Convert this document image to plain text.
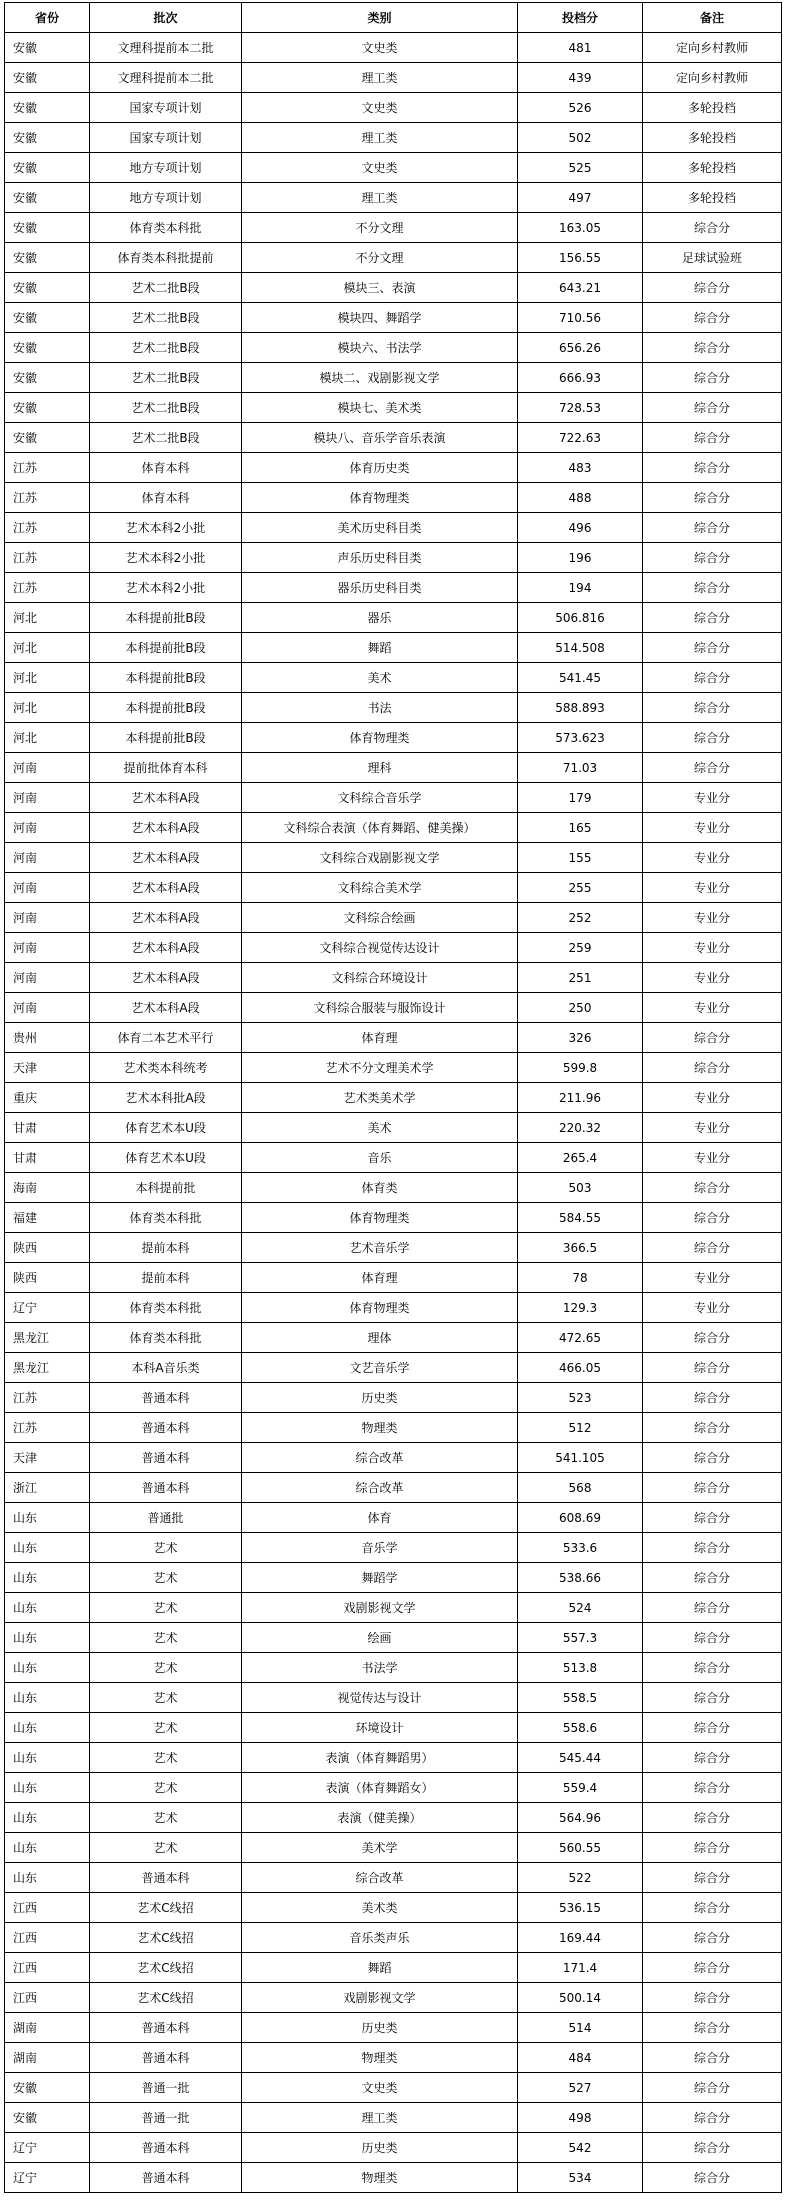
省份	批次	类别	投档分	备注
安徽	文理科提前本二批	文史类	481	定向乡村教师
安徽	文理科提前本二批	理工类	439	定向乡村教师
安徽	国家专项计划	文史类	526	多轮投档
安徽	国家专项计划	理工类	502	多轮投档
安徽	地方专项计划	文史类	525	多轮投档
安徽	地方专项计划	理工类	497	多轮投档
安徽	体育类本科批	不分文理	163.05	综合分
安徽	体育类本科批提前	不分文理	156.55	足球试验班
安徽	艺术二批B段	模块三、表演	643.21	综合分
安徽	艺术二批B段	模块四、舞蹈学	710.56	综合分
安徽	艺术二批B段	模块六、书法学	656.26	综合分
安徽	艺术二批B段	模块二、戏剧影视文学	666.93	综合分
安徽	艺术二批B段	模块七、美术类	728.53	综合分
安徽	艺术二批B段	模块八、音乐学音乐表演	722.63	综合分
江苏	体育本科	体育历史类	483	综合分
江苏	体育本科	体育物理类	488	综合分
江苏	艺术本科2小批	美术历史科目类	496	综合分
江苏	艺术本科2小批	声乐历史科目类	196	综合分
江苏	艺术本科2小批	器乐历史科目类	194	综合分
河北	本科提前批B段	器乐	506.816	综合分
河北	本科提前批B段	舞蹈	514.508	综合分
河北	本科提前批B段	美术	541.45	综合分
河北	本科提前批B段	书法	588.893	综合分
河北	本科提前批B段	体育物理类	573.623	综合分
河南	提前批体育本科	理科	71.03	综合分
河南	艺术本科A段	文科综合音乐学	179	专业分
河南	艺术本科A段	文科综合表演（体育舞蹈、健美操）	165	专业分
河南	艺术本科A段	文科综合戏剧影视文学	155	专业分
河南	艺术本科A段	文科综合美术学	255	专业分
河南	艺术本科A段	文科综合绘画	252	专业分
河南	艺术本科A段	文科综合视觉传达设计	259	专业分
河南	艺术本科A段	文科综合环境设计	251	专业分
河南	艺术本科A段	文科综合服装与服饰设计	250	专业分
贵州	体育二本艺术平行	体育理	326	综合分
天津	艺术类本科统考	艺术不分文理美术学	599.8	综合分
重庆	艺术本科批A段	艺术类美术学	211.96	专业分
甘肃	体育艺术本U段	美术	220.32	专业分
甘肃	体育艺术本U段	音乐	265.4	专业分
海南	本科提前批	体育类	503	综合分
福建	体育类本科批	体育物理类	584.55	综合分
陕西	提前本科	艺术音乐学	366.5	综合分
陕西	提前本科	体育理	78	专业分
辽宁	体育类本科批	体育物理类	129.3	专业分
黑龙江	体育类本科批	理体	472.65	综合分
黑龙江	本科A音乐类	文艺音乐学	466.05	综合分
江苏	普通本科	历史类	523	综合分
江苏	普通本科	物理类	512	综合分
天津	普通本科	综合改革	541.105	综合分
浙江	普通本科	综合改革	568	综合分
山东	普通批	体育	608.69	综合分
山东	艺术	音乐学	533.6	综合分
山东	艺术	舞蹈学	538.66	综合分
山东	艺术	戏剧影视文学	524	综合分
山东	艺术	绘画	557.3	综合分
山东	艺术	书法学	513.8	综合分
山东	艺术	视觉传达与设计	558.5	综合分
山东	艺术	环境设计	558.6	综合分
山东	艺术	表演（体育舞蹈男）	545.44	综合分
山东	艺术	表演（体育舞蹈女）	559.4	综合分
山东	艺术	表演（健美操）	564.96	综合分
山东	艺术	美术学	560.55	综合分
山东	普通本科	综合改革	522	综合分
江西	艺术C线招	美术类	536.15	综合分
江西	艺术C线招	音乐类声乐	169.44	综合分
江西	艺术C线招	舞蹈	171.4	综合分
江西	艺术C线招	戏剧影视文学	500.14	综合分
湖南	普通本科	历史类	514	综合分
湖南	普通本科	物理类	484	综合分
安徽	普通一批	文史类	527	综合分
安徽	普通一批	理工类	498	综合分
辽宁	普通本科	历史类	542	综合分
辽宁	普通本科	物理类	534	综合分
